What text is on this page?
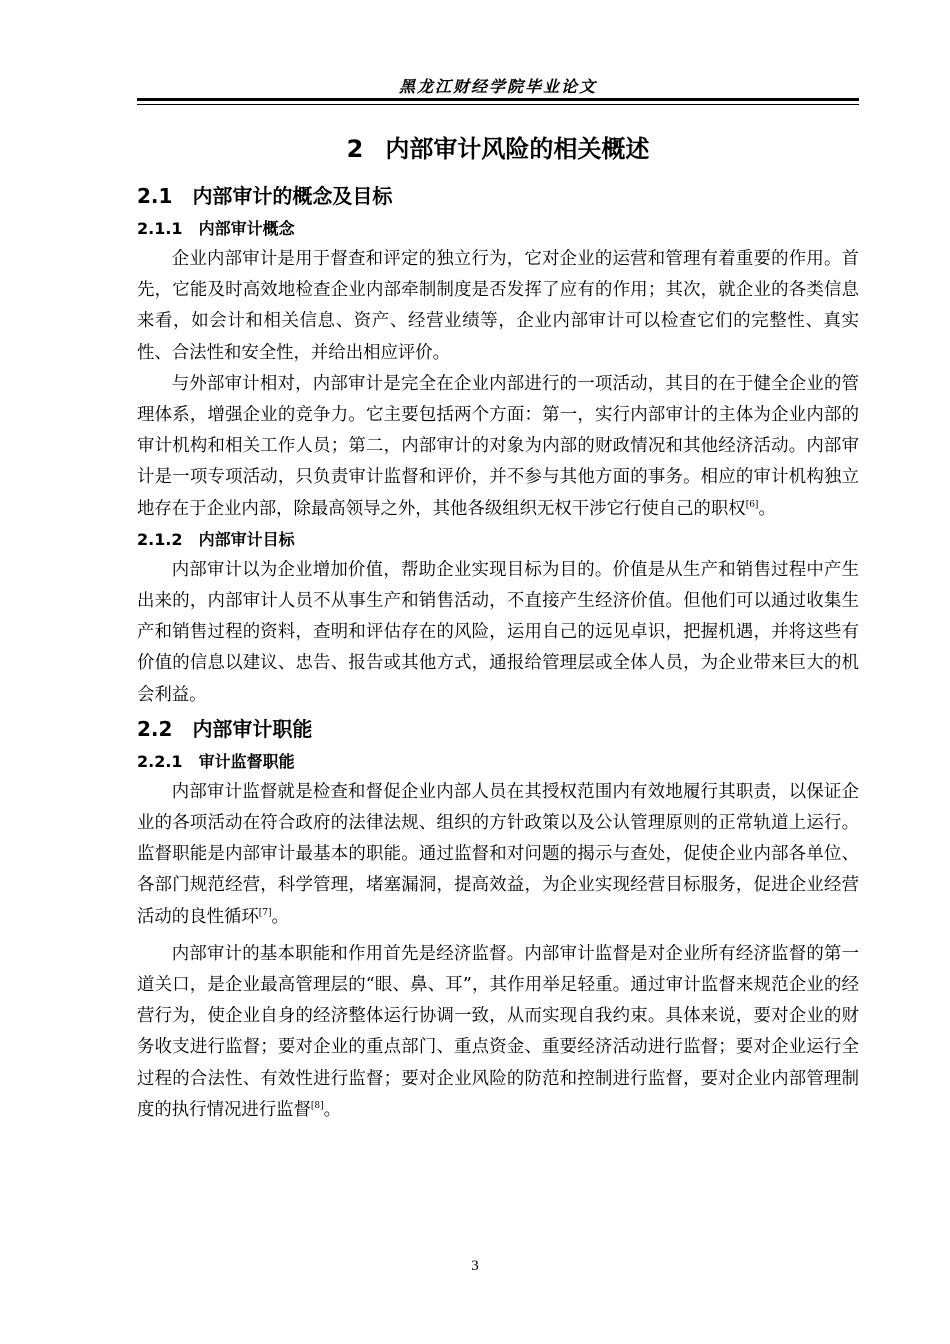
黑龙江财经学院毕业论文
2 内部审计风险的相关概述
2.1 内部审计的概念及目标
2.1.1 内部审计概念

企业内部审计是用于督查和评定的独立行为，它对企业的运营和管理有着重要的作用。首先，它能及时高效地检查企业内部牵制制度是否发挥了应有的作用；其次，就企业的各类信息来看，如会计和相关信息、资产、经营业绩等，企业内部审计可以检查它们的完整性、真实性、合法性和安全性，并给出相应评价。

与外部审计相对，内部审计是完全在企业内部进行的一项活动，其目的在于健全企业的管理体系，增强企业的竞争力。它主要包括两个方面：第一，实行内部审计的主体为企业内部的审计机构和相关工作人员；第二，内部审计的对象为内部的财政情况和其他经济活动。内部审计是一项专项活动，只负责审计监督和评价，并不参与其他方面的事务。相应的审计机构独立地存在于企业内部，除最高领导之外，其他各级组织无权干涉它行使自己的职权[6]。

2.1.2 内部审计目标

内部审计以为企业增加价值，帮助企业实现目标为目的。价值是从生产和销售过程中产生出来的，内部审计人员不从事生产和销售活动，不直接产生经济价值。但他们可以通过收集生产和销售过程的资料，查明和评估存在的风险，运用自己的远见卓识，把握机遇，并将这些有价值的信息以建议、忠告、报告或其他方式，通报给管理层或全体人员，为企业带来巨大的机会利益。

2.2 内部审计职能
2.2.1 审计监督职能

内部审计监督就是检查和督促企业内部人员在其授权范围内有效地履行其职责，以保证企业的各项活动在符合政府的法律法规、组织的方针政策以及公认管理原则的正常轨道上运行。监督职能是内部审计最基本的职能。通过监督和对问题的揭示与查处，促使企业内部各单位、各部门规范经营，科学管理，堵塞漏洞，提高效益，为企业实现经营目标服务，促进企业经营活动的良性循环[7]。

内部审计的基本职能和作用首先是经济监督。内部审计监督是对企业所有经济监督的第一道关口，是企业最高管理层的“眼、鼻、耳”，其作用举足轻重。通过审计监督来规范企业的经营行为，使企业自身的经济整体运行协调一致，从而实现自我约束。具体来说，要对企业的财务收支进行监督；要对企业的重点部门、重点资金、重要经济活动进行监督；要对企业运行全过程的合法性、有效性进行监督；要对企业风险的防范和控制进行监督，要对企业内部管理制度的执行情况进行监督[8]。

3
